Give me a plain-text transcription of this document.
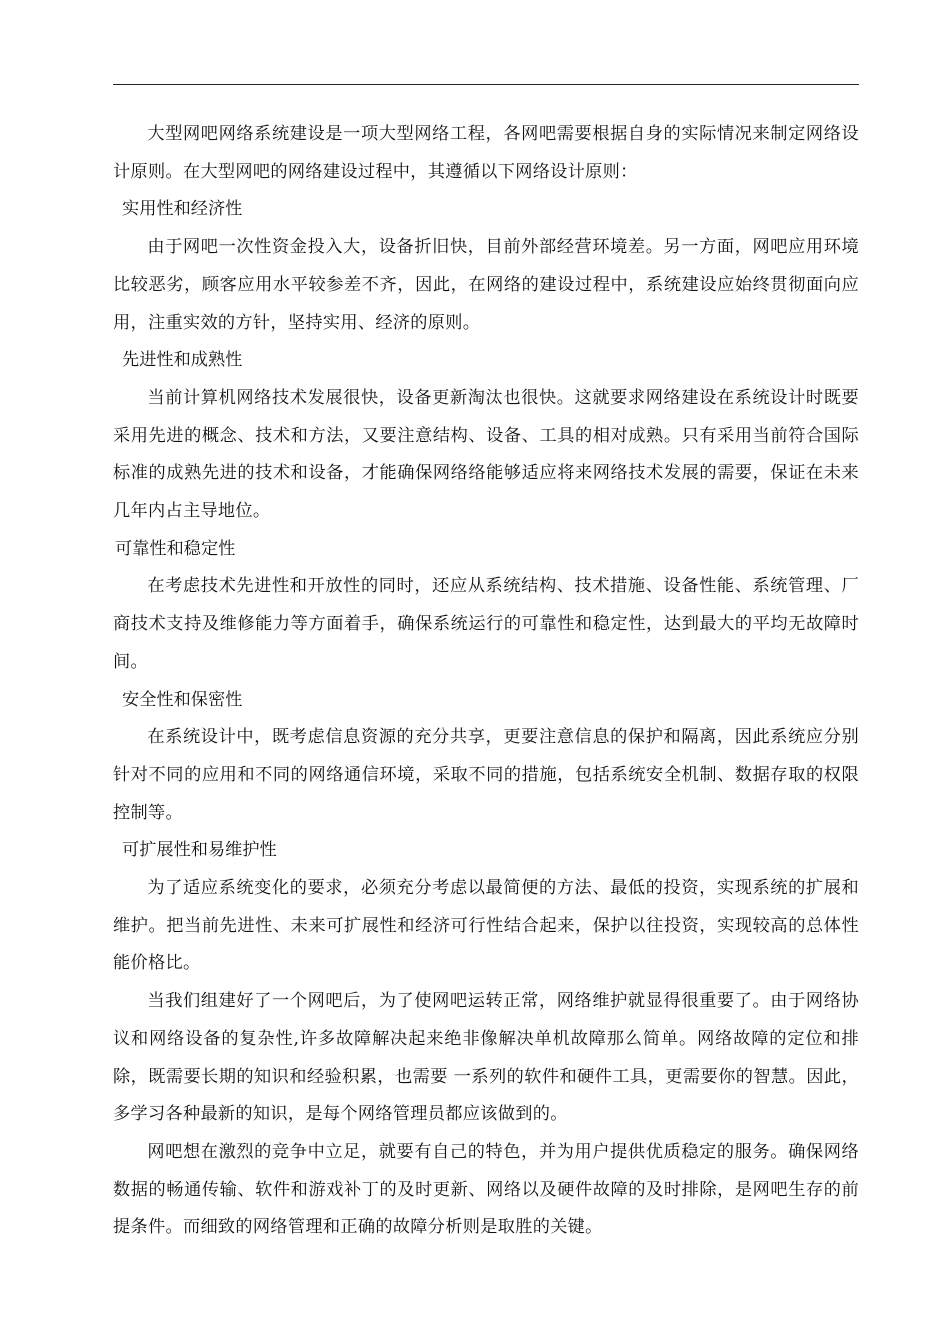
大型网吧网络系统建设是一项大型网络工程，各网吧需要根据自身的实际情况来制定网络设计原则。在大型网吧的网络建设过程中，其遵循以下网络设计原则：

实用性和经济性

由于网吧一次性资金投入大，设备折旧快，目前外部经营环境差。另一方面，网吧应用环境比较恶劣，顾客应用水平较参差不齐，因此，在网络的建设过程中，系统建设应始终贯彻面向应用，注重实效的方针，坚持实用、经济的原则。

先进性和成熟性

当前计算机网络技术发展很快，设备更新淘汰也很快。这就要求网络建设在系统设计时既要采用先进的概念、技术和方法，又要注意结构、设备、工具的相对成熟。只有采用当前符合国际标准的成熟先进的技术和设备，才能确保网络络能够适应将来网络技术发展的需要，保证在未来几年内占主导地位。

可靠性和稳定性

在考虑技术先进性和开放性的同时，还应从系统结构、技术措施、设备性能、系统管理、厂商技术支持及维修能力等方面着手，确保系统运行的可靠性和稳定性，达到最大的平均无故障时间。

安全性和保密性

在系统设计中，既考虑信息资源的充分共享，更要注意信息的保护和隔离，因此系统应分别针对不同的应用和不同的网络通信环境，采取不同的措施，包括系统安全机制、数据存取的权限控制等。

可扩展性和易维护性

为了适应系统变化的要求，必须充分考虑以最简便的方法、最低的投资，实现系统的扩展和维护。把当前先进性、未来可扩展性和经济可行性结合起来，保护以往投资，实现较高的总体性能价格比。

当我们组建好了一个网吧后，为了使网吧运转正常，网络维护就显得很重要了。由于网络协议和网络设备的复杂性,许多故障解决起来绝非像解决单机故障那么简单。网络故障的定位和排除，既需要长期的知识和经验积累，也需要 一系列的软件和硬件工具，更需要你的智慧。因此，多学习各种最新的知识，是每个网络管理员都应该做到的。

网吧想在激烈的竞争中立足，就要有自己的特色，并为用户提供优质稳定的服务。确保网络数据的畅通传输、软件和游戏补丁的及时更新、网络以及硬件故障的及时排除，是网吧生存的前提条件。而细致的网络管理和正确的故障分析则是取胜的关键。
